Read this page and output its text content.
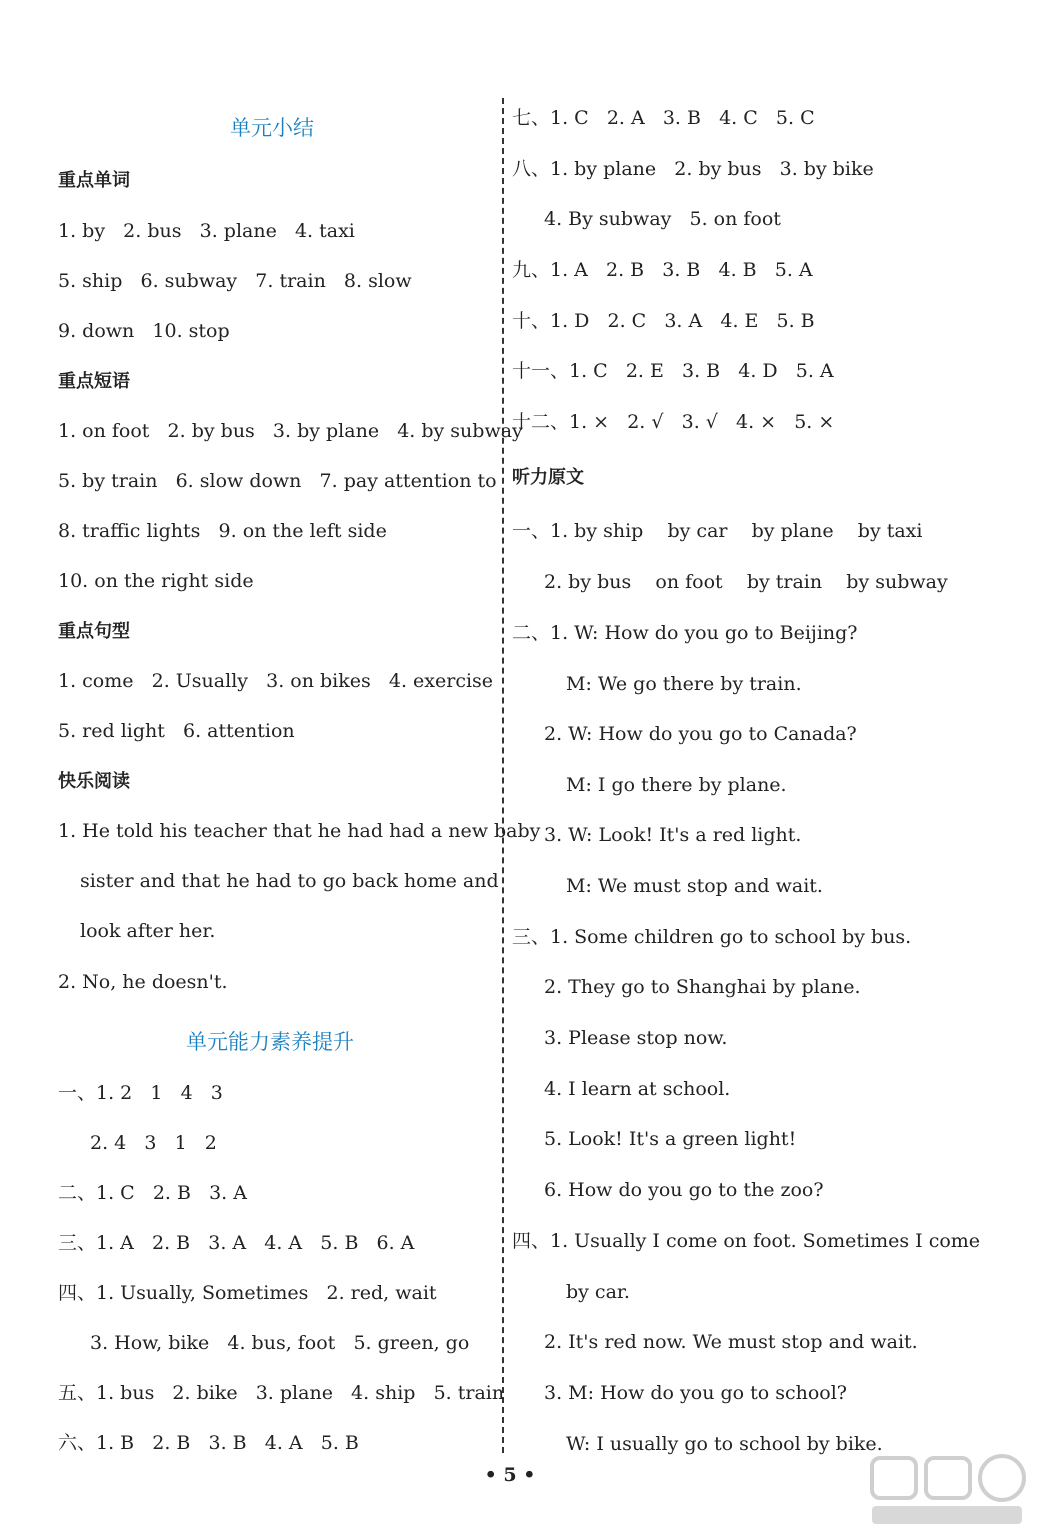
单元小结
重点单词
1. by   2. bus   3. plane   4. taxi
5. ship   6. subway   7. train   8. slow
9. down   10. stop
重点短语
1. on foot   2. by bus   3. by plane   4. by subway
5. by train   6. slow down   7. pay attention to
8. traffic lights   9. on the left side
10. on the right side
重点句型
1. come   2. Usually   3. on bikes   4. exercise
5. red light   6. attention
快乐阅读
1. He told his teacher that he had had a new baby
sister and that he had to go back home and
look after her.
2. No, he doesn't.
单元能力素养提升
一、1. 2   1   4   3
2. 4   3   1   2
二、1. C   2. B   3. A
三、1. A   2. B   3. A   4. A   5. B   6. A
四、1. Usually, Sometimes   2. red, wait
3. How, bike   4. bus, foot   5. green, go
五、1. bus   2. bike   3. plane   4. ship   5. train
六、1. B   2. B   3. B   4. A   5. B
七、1. C   2. A   3. B   4. C   5. C
八、1. by plane   2. by bus   3. by bike
4. By subway   5. on foot
九、1. A   2. B   3. B   4. B   5. A
十、1. D   2. C   3. A   4. E   5. B
十一、1. C   2. E   3. B   4. D   5. A
十二、1. ×   2. √   3. √   4. ×   5. ×
听力原文
一、1. by ship    by car    by plane    by taxi
2. by bus    on foot    by train    by subway
二、1. W: How do you go to Beijing?
M: We go there by train.
2. W: How do you go to Canada?
M: I go there by plane.
3. W: Look! It's a red light.
M: We must stop and wait.
三、1. Some children go to school by bus.
2. They go to Shanghai by plane.
3. Please stop now.
4. I learn at school.
5. Look! It's a green light!
6. How do you go to the zoo?
四、1. Usually I come on foot. Sometimes I come
by car.
2. It's red now. We must stop and wait.
3. M: How do you go to school?
W: I usually go to school by bike.
• 5 •
